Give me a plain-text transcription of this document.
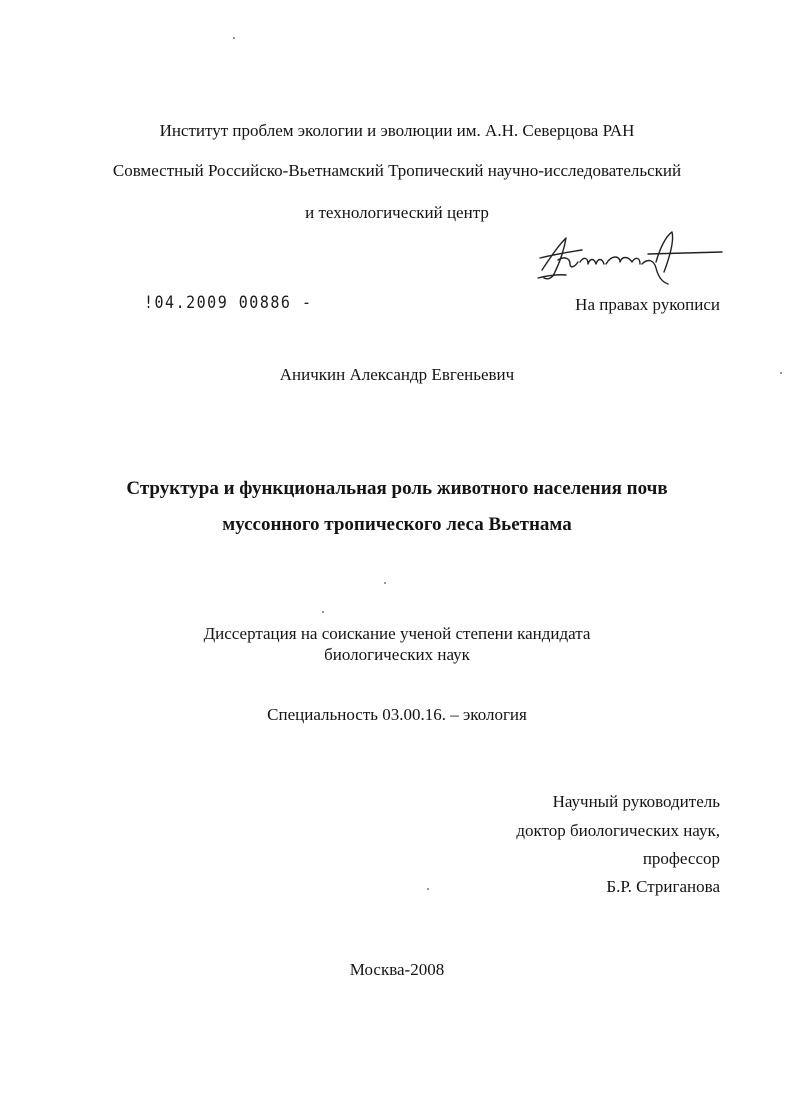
Институт проблем экологии и эволюции им. А.Н. Северцова РАН
Совместный Российско-Вьетнамский Тропический научно-исследовательский
и технологический центр
!04.2009 00886 -	На правах рукописи
Аничкин Александр Евгеньевич
Структура и функциональная роль животного населения почв
муссонного тропического леса Вьетнама
Диссертация на соискание ученой степени кандидата
биологических наук
Специальность 03.00.16. – экология
Научный руководитель
доктор биологических наук,
профессор
Б.Р. Стриганова
Москва-2008
